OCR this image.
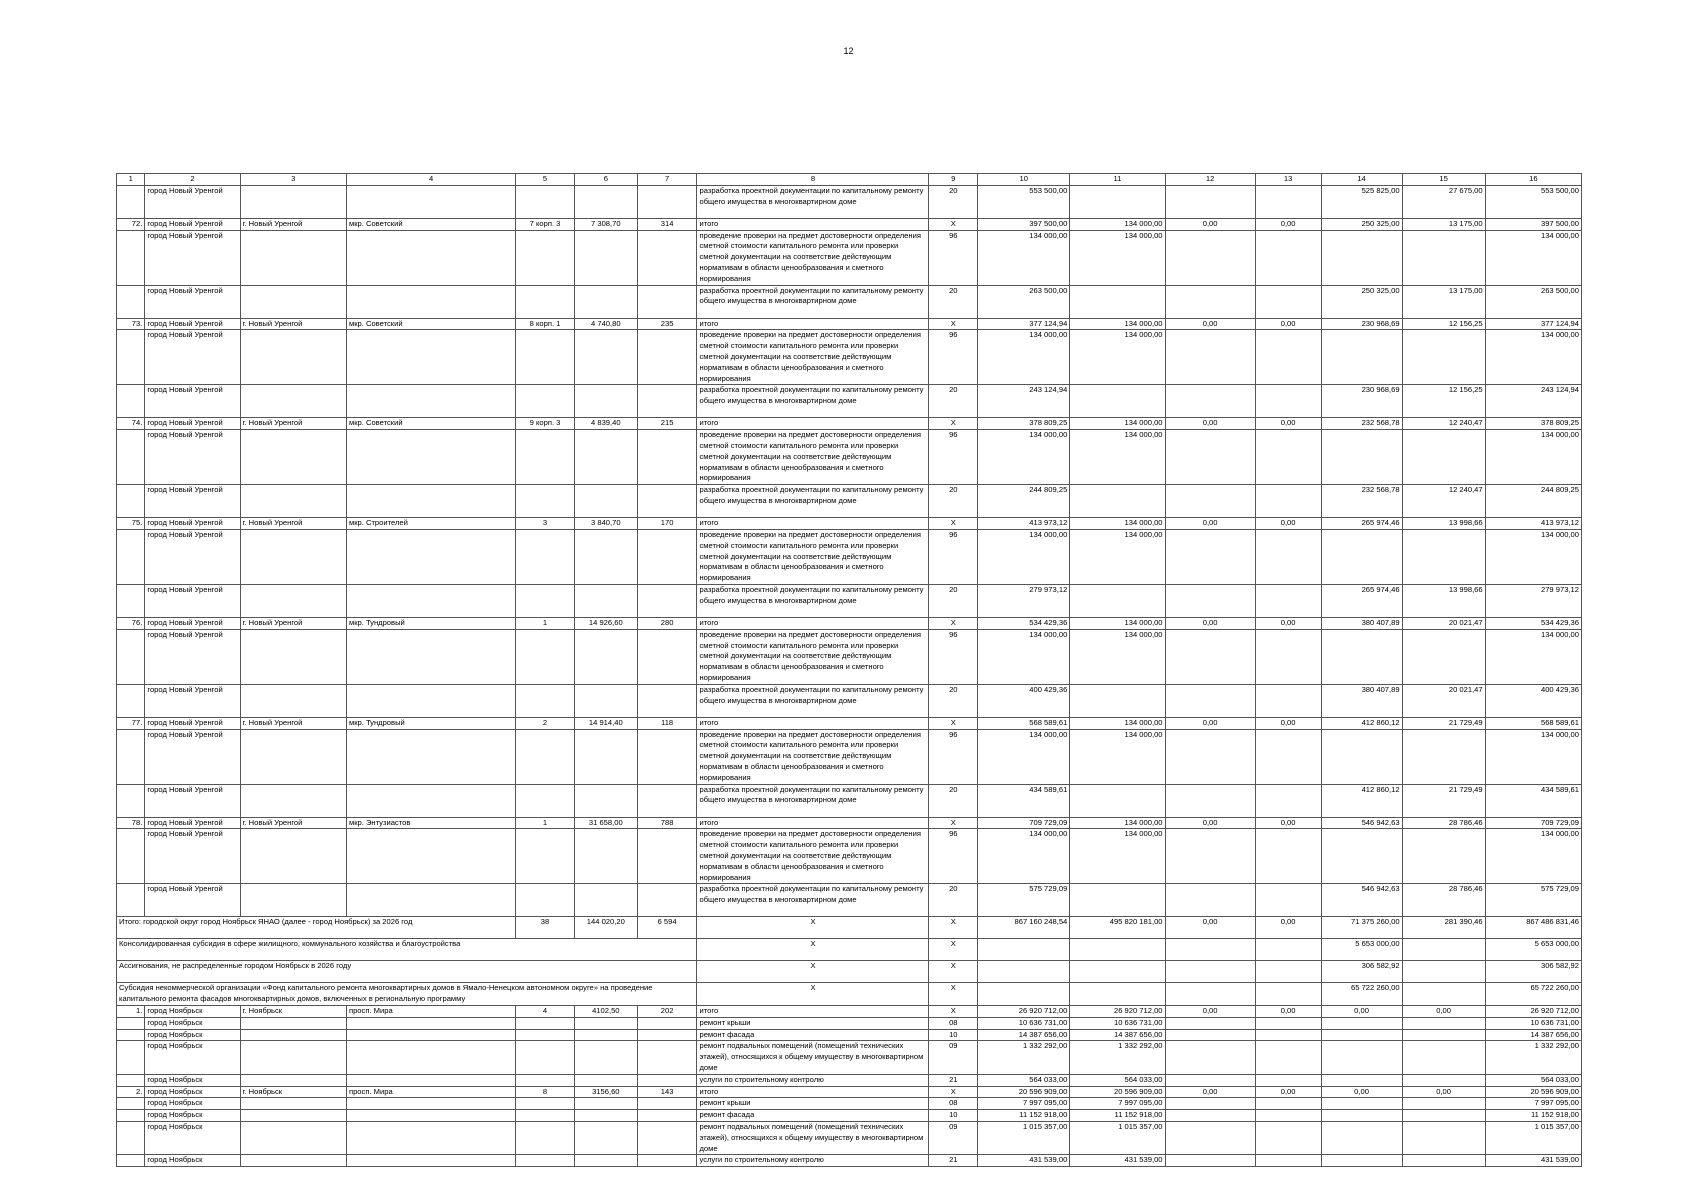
12
1	2	3	4	5	6	7	8	9	10	11	12	13	14	15	16
	город Новый Уренгой						разработка проектной документации по капитальному ремонту общего имущества в многоквартирном доме	20	553 500,00				525 825,00	27 675,00	553 500,00
72.	город Новый Уренгой	г. Новый Уренгой	мкр. Советский	7 корп. 3	7 308,70	314	итого	X	397 500,00	134 000,00	0,00	0,00	250 325,00	13 175,00	397 500,00
	город Новый Уренгой						проведение проверки на предмет достоверности определения сметной стоимости капитального ремонта или проверки сметной документации на соответствие действующим нормативам в области ценообразования и сметного нормирования	96	134 000,00	134 000,00					134 000,00
	город Новый Уренгой						разработка проектной документации по капитальному ремонту общего имущества в многоквартирном доме	20	263 500,00				250 325,00	13 175,00	263 500,00
73.	город Новый Уренгой	г. Новый Уренгой	мкр. Советский	8 корп. 1	4 740,80	235	итого	X	377 124,94	134 000,00	0,00	0,00	230 968,69	12 156,25	377 124,94
	город Новый Уренгой						проведение проверки на предмет достоверности определения сметной стоимости капитального ремонта или проверки сметной документации на соответствие действующим нормативам в области ценообразования и сметного нормирования	96	134 000,00	134 000,00					134 000,00
	город Новый Уренгой						разработка проектной документации по капитальному ремонту общего имущества в многоквартирном доме	20	243 124,94				230 968,69	12 156,25	243 124,94
74.	город Новый Уренгой	г. Новый Уренгой	мкр. Советский	9 корп. 3	4 839,40	215	итого	X	378 809,25	134 000,00	0,00	0,00	232 568,78	12 240,47	378 809,25
	город Новый Уренгой						проведение проверки на предмет достоверности определения сметной стоимости капитального ремонта или проверки сметной документации на соответствие действующим нормативам в области ценообразования и сметного нормирования	96	134 000,00	134 000,00					134 000,00
	город Новый Уренгой						разработка проектной документации по капитальному ремонту общего имущества в многоквартирном доме	20	244 809,25				232 568,78	12 240,47	244 809,25
75.	город Новый Уренгой	г. Новый Уренгой	мкр. Строителей	3	3 840,70	170	итого	X	413 973,12	134 000,00	0,00	0,00	265 974,46	13 998,66	413 973,12
	город Новый Уренгой						проведение проверки на предмет достоверности определения сметной стоимости капитального ремонта или проверки сметной документации на соответствие действующим нормативам в области ценообразования и сметного нормирования	96	134 000,00	134 000,00					134 000,00
	город Новый Уренгой						разработка проектной документации по капитальному ремонту общего имущества в многоквартирном доме	20	279 973,12				265 974,46	13 998,66	279 973,12
76.	город Новый Уренгой	г. Новый Уренгой	мкр. Тундровый	1	14 926,60	280	итого	X	534 429,36	134 000,00	0,00	0,00	380 407,89	20 021,47	534 429,36
	город Новый Уренгой						проведение проверки на предмет достоверности определения сметной стоимости капитального ремонта или проверки сметной документации на соответствие действующим нормативам в области ценообразования и сметного нормирования	96	134 000,00	134 000,00					134 000,00
	город Новый Уренгой						разработка проектной документации по капитальному ремонту общего имущества в многоквартирном доме	20	400 429,36				380 407,89	20 021,47	400 429,36
77.	город Новый Уренгой	г. Новый Уренгой	мкр. Тундровый	2	14 914,40	118	итого	X	568 589,61	134 000,00	0,00	0,00	412 860,12	21 729,49	568 589,61
	город Новый Уренгой						проведение проверки на предмет достоверности определения сметной стоимости капитального ремонта или проверки сметной документации на соответствие действующим нормативам в области ценообразования и сметного нормирования	96	134 000,00	134 000,00					134 000,00
	город Новый Уренгой						разработка проектной документации по капитальному ремонту общего имущества в многоквартирном доме	20	434 589,61				412 860,12	21 729,49	434 589,61
78.	город Новый Уренгой	г. Новый Уренгой	мкр. Энтузиастов	1	31 658,00	788	итого	X	709 729,09	134 000,00	0,00	0,00	546 942,63	28 786,46	709 729,09
	город Новый Уренгой						проведение проверки на предмет достоверности определения сметной стоимости капитального ремонта или проверки сметной документации на соответствие действующим нормативам в области ценообразования и сметного нормирования	96	134 000,00	134 000,00					134 000,00
	город Новый Уренгой						разработка проектной документации по капитальному ремонту общего имущества в многоквартирном доме	20	575 729,09				546 942,63	28 786,46	575 729,09
Итого: городской округ город Ноябрьск ЯНАО (далее - город Ноябрьск) за 2026 год				38	144 020,20	6 594	X	X	867 160 248,54	495 820 181,00	0,00	0,00	71 375 260,00	281 390,46	867 486 831,46
Консолидированная субсидия в сфере жилищного, коммунального хозяйства и благоустройства							X	X					5 653 000,00		5 653 000,00
Ассигнования, не распределенные городом Ноябрьск в 2026 году							X	X					306 582,92		306 582,92
Субсидия некоммерческой организации «Фонд капитального ремонта многоквартирных домов в Ямало-Ненецком автономном округе» на проведение капитального ремонта фасадов многоквартирных домов, включенных в региональную программу							X	X					65 722 260,00		65 722 260,00
1.	город Ноябрьск	г. Ноябрьск	просп. Мира	4	4102,50	202	итого	X	26 920 712,00	26 920 712,00	0,00	0,00	0,00	0,00	26 920 712,00
	город Ноябрьск						ремонт крыши	08	10 636 731,00	10 636 731,00					10 636 731,00
	город Ноябрьск						ремонт фасада	10	14 387 656,00	14 387 656,00					14 387 656,00
	город Ноябрьск						ремонт подвальных помещений (помещений технических этажей), относящихся к общему имуществу в многоквартирном доме	09	1 332 292,00	1 332 292,00					1 332 292,00
	город Ноябрьск						услуги по строительному контролю	21	564 033,00	564 033,00					564 033,00
2.	город Ноябрьск	г. Ноябрьск	просп. Мира	8	3156,60	143	итого	X	20 596 909,00	20 596 909,00	0,00	0,00	0,00	0,00	20 596 909,00
	город Ноябрьск						ремонт крыши	08	7 997 095,00	7 997 095,00					7 997 095,00
	город Ноябрьск						ремонт фасада	10	11 152 918,00	11 152 918,00					11 152 918,00
	город Ноябрьск						ремонт подвальных помещений (помещений технических этажей), относящихся к общему имуществу в многоквартирном доме	09	1 015 357,00	1 015 357,00					1 015 357,00
	город Ноябрьск						услуги по строительному контролю	21	431 539,00	431 539,00					431 539,00
